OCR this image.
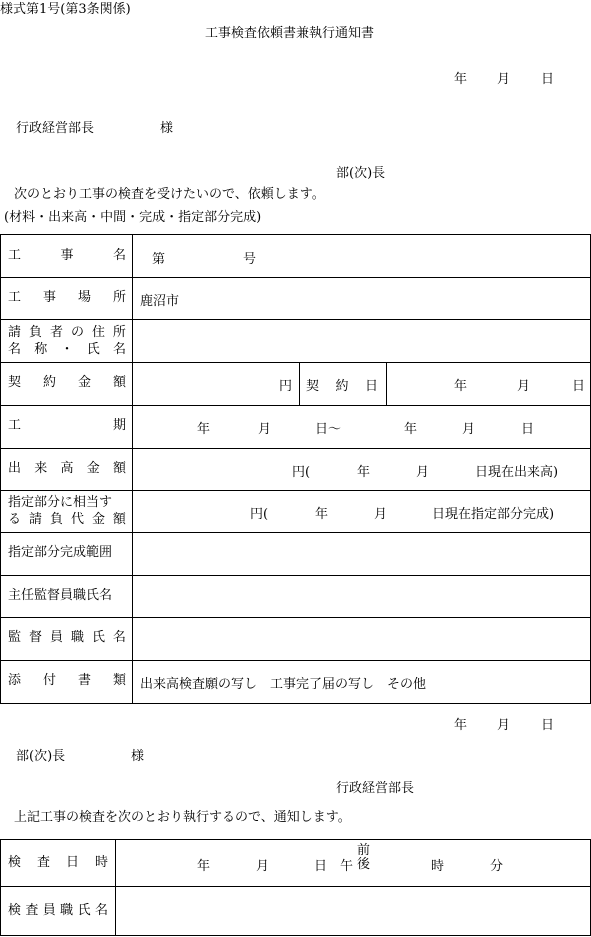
様式第1号(第3条関係)
工事検査依頼書兼執行通知書
年 月 日
行政経営部長	様
部(次)長
次のとおり工事の検査を受けたいので、依頼します。
(材料・出来高・中間・完成・指定部分完成)
工	事	名 第	号
工 事 場 所 鹿沼市
請 負 者 の 住 所
名 称 ・ 氏 名
契 約 金 額	円 契 約 日	年	月	日
工	期	年	月	日～	年	月	日
出 来 高 金 額	円(	年	月	日現在出来高)
指定部分に相当す
る 請 負 代 金 額	円(	年	月	日現在指定部分完成)
指定部分完成範囲
主任監督員職氏名
監 督 員 職 氏 名
添 付 書 類 出来高検査願の写し　工事完了届の写し　その他
年 月 日
部(次)長	様
行政経営部長
上記工事の検査を次のとおり執行するので、通知します。
検 査 日 時	年	月	日 午
前
後	時	分
検 査 員 職 氏 名
